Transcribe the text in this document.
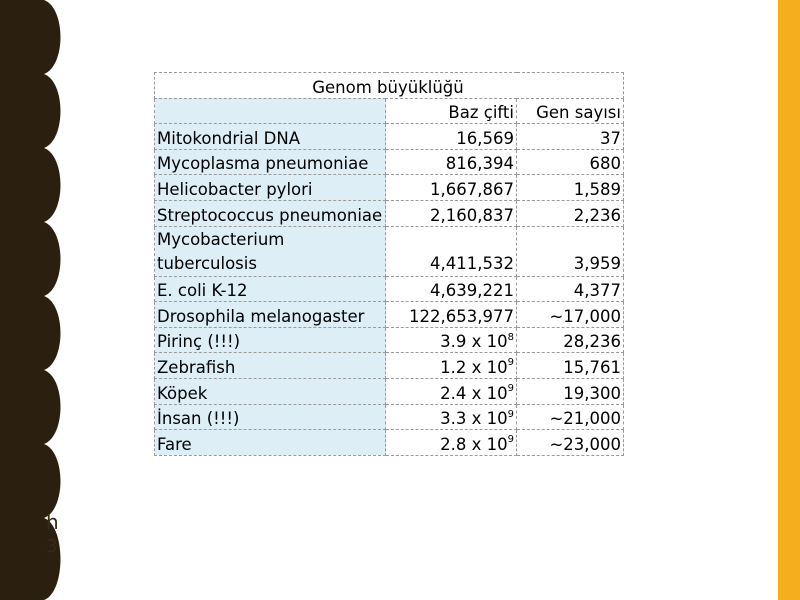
h
3
Genom büyüklüğü		
	Baz çifti	Gen sayısı
Mitokondrial DNA	16,569	37
Mycoplasma pneumoniae	816,394	680
Helicobacter pylori	1,667,867	1,589
Streptococcus pneumoniae	2,160,837	2,236
Mycobacterium tuberculosis	4,411,532	3,959
E. coli K-12	4,639,221	4,377
Drosophila melanogaster	122,653,977	~17,000
Pirinç (!!!)	3.9 x $10^8$	28,236
Zebrafish	1.2 x $10^9$	15,761
Köpek	2.4 x $10^9$	19,300
İnsan (!!!)	3.3 x $10^9$	~21,000
Fare	2.8 x $10^9$	~23,000
